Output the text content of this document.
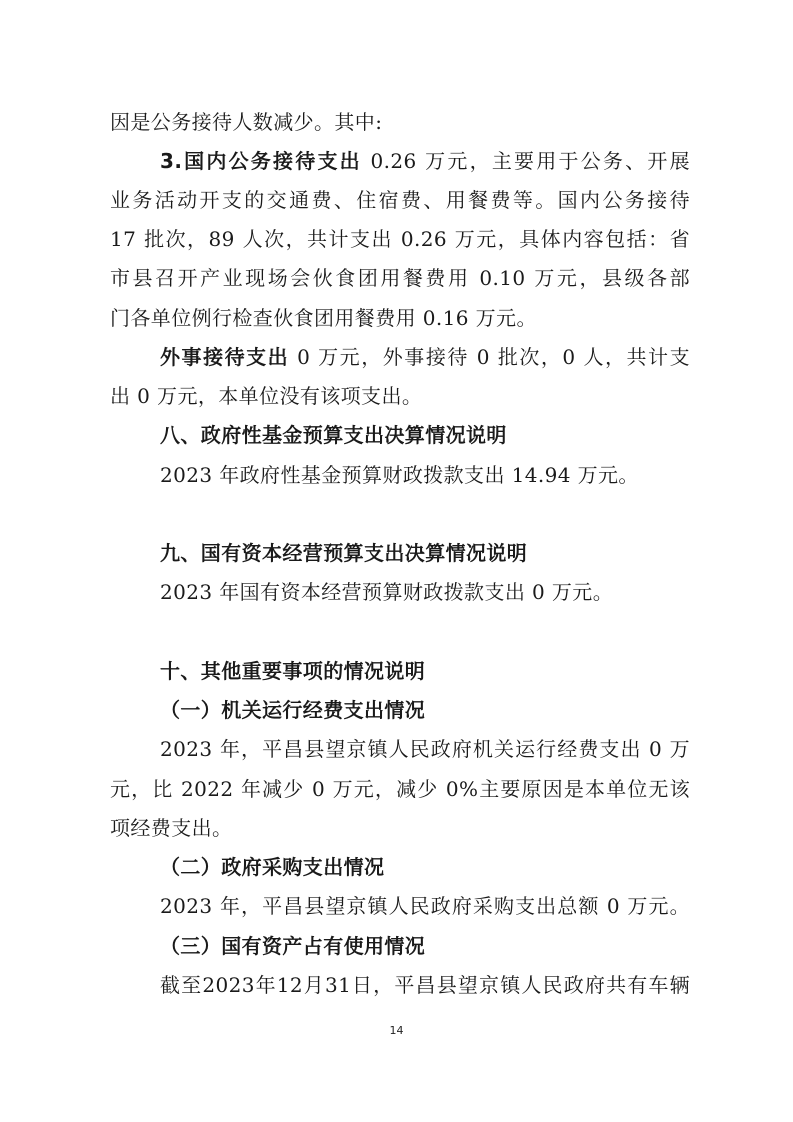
因是公务接待人数减少。其中:
3.国内公务接待支出 0.26 万元，主要用于公务、开展
业务活动开支的交通费、住宿费、用餐费等。国内公务接待
17 批次，89 人次，共计支出 0.26 万元，具体内容包括：省
市县召开产业现场会伙食团用餐费用 0.10 万元，县级各部
门各单位例行检查伙食团用餐费用 0.16 万元。
外事接待支出 0 万元，外事接待 0 批次，0 人，共计支
出 0 万元，本单位没有该项支出。
八、政府性基金预算支出决算情况说明
2023 年政府性基金预算财政拨款支出 14.94 万元。
九、国有资本经营预算支出决算情况说明
2023 年国有资本经营预算财政拨款支出 0 万元。
十、其他重要事项的情况说明
（一）机关运行经费支出情况
2023 年，平昌县望京镇人民政府机关运行经费支出 0 万
元，比 2022 年减少 0 万元，减少 0%主要原因是本单位无该
项经费支出。
（二）政府采购支出情况
2023 年，平昌县望京镇人民政府采购支出总额 0 万元。
（三）国有资产占有使用情况
截至2023年12月31日，平昌县望京镇人民政府共有车辆
14
